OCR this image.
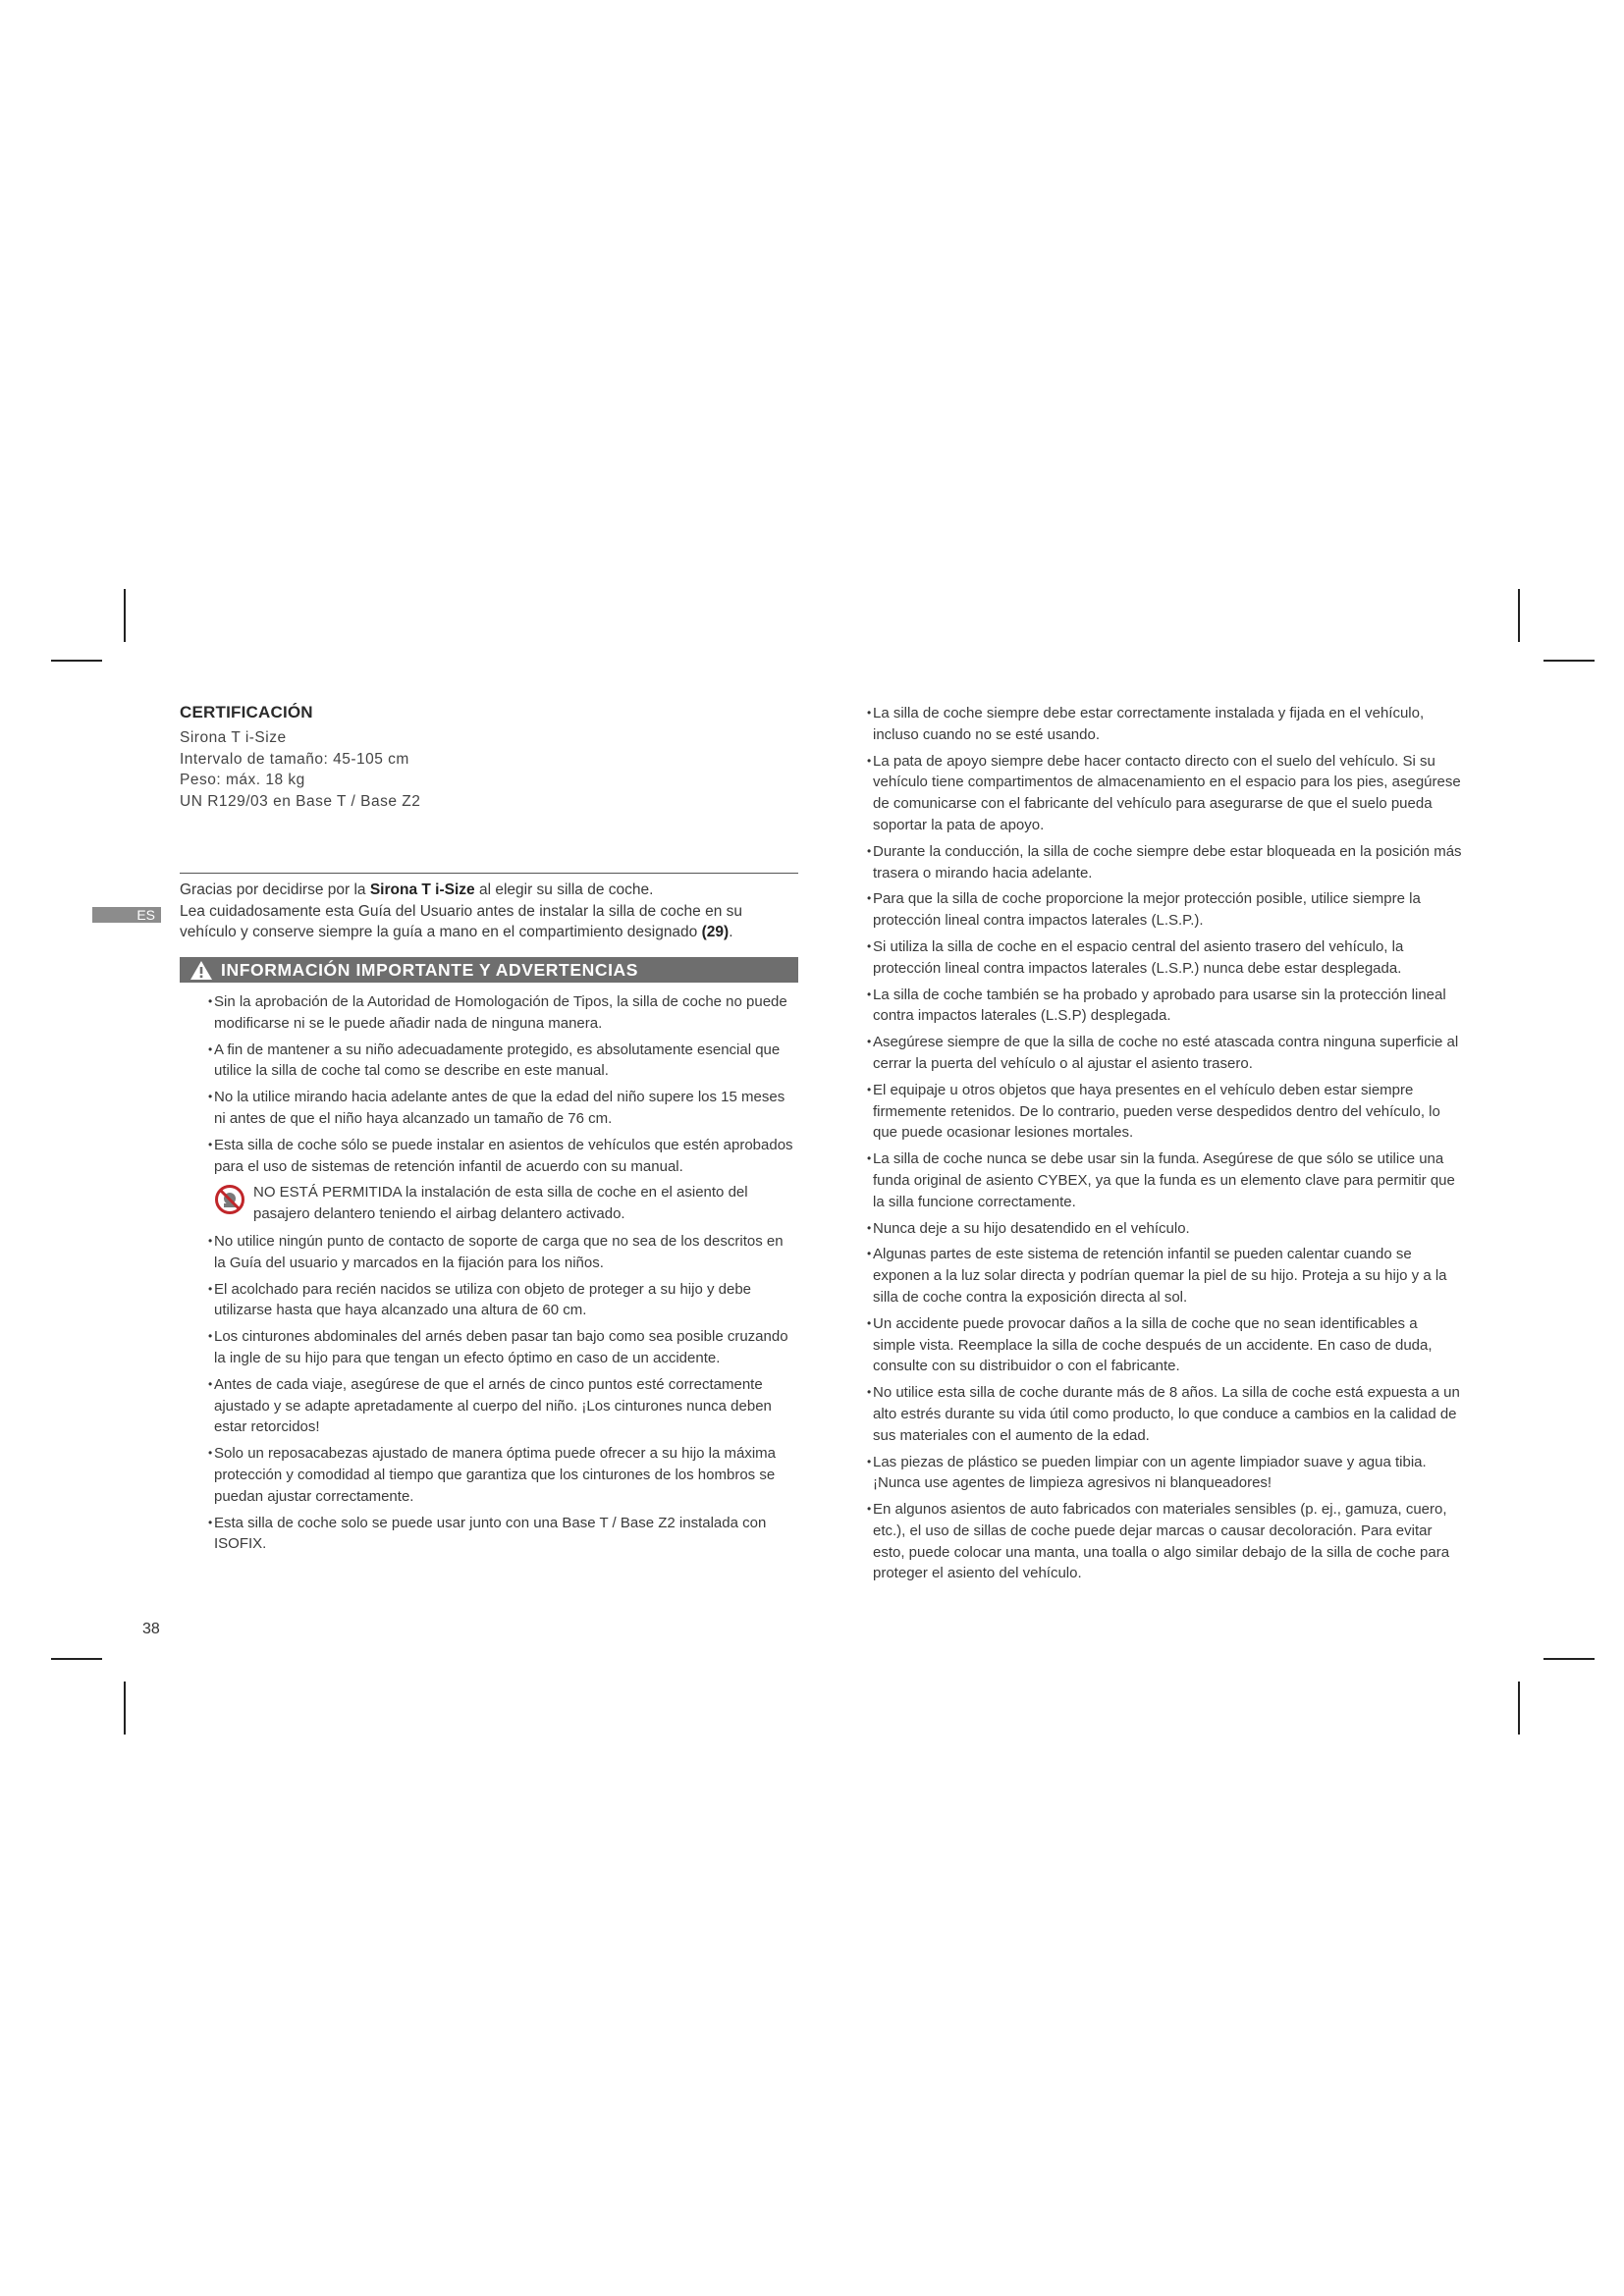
CERTIFICACIÓN
Sirona T i-Size
Intervalo de tamaño: 45-105 cm
Peso: máx. 18 kg
UN R129/03 en Base T / Base Z2
Gracias por decidirse por la Sirona T i-Size al elegir su silla de coche.
Lea cuidadosamente esta Guía del Usuario antes de instalar la silla de coche en su vehículo y conserve siempre la guía a mano en el compartimiento designado (29).
ES
INFORMACIÓN IMPORTANTE Y ADVERTENCIAS
• Sin la aprobación de la Autoridad de Homologación de Tipos, la silla de coche no puede modificarse ni se le puede añadir nada de ninguna manera.
• A fin de mantener a su niño adecuadamente protegido, es absolutamente esencial que utilice la silla de coche tal como se describe en este manual.
• No la utilice mirando hacia adelante antes de que la edad del niño supere los 15 meses ni antes de que el niño haya alcanzado un tamaño de 76 cm.
• Esta silla de coche sólo se puede instalar en asientos de vehículos que estén aprobados para el uso de sistemas de retención infantil de acuerdo con su manual.
NO ESTÁ PERMITIDA la instalación de esta silla de coche en el asiento del pasajero delantero teniendo el airbag delantero activado.
• No utilice ningún punto de contacto de soporte de carga que no sea de los descritos en la Guía del usuario y marcados en la fijación para los niños.
• El acolchado para recién nacidos se utiliza con objeto de proteger a su hijo y debe utilizarse hasta que haya alcanzado una altura de 60 cm.
• Los cinturones abdominales del arnés deben pasar tan bajo como sea posible cruzando la ingle de su hijo para que tengan un efecto óptimo en caso de un accidente.
• Antes de cada viaje, asegúrese de que el arnés de cinco puntos esté correctamente ajustado y se adapte apretadamente al cuerpo del niño. ¡Los cinturones nunca deben estar retorcidos!
• Solo un reposacabezas ajustado de manera óptima puede ofrecer a su hijo la máxima protección y comodidad al tiempo que garantiza que los cinturones de los hombros se puedan ajustar correctamente.
• Esta silla de coche solo se puede usar junto con una Base T / Base Z2 instalada con ISOFIX.
• La silla de coche siempre debe estar correctamente instalada y fijada en el vehículo, incluso cuando no se esté usando.
• La pata de apoyo siempre debe hacer contacto directo con el suelo del vehículo. Si su vehículo tiene compartimentos de almacenamiento en el espacio para los pies, asegúrese de comunicarse con el fabricante del vehículo para asegurarse de que el suelo pueda soportar la pata de apoyo.
• Durante la conducción, la silla de coche siempre debe estar bloqueada en la posición más trasera o mirando hacia adelante.
• Para que la silla de coche proporcione la mejor protección posible, utilice siempre la protección lineal contra impactos laterales (L.S.P.).
• Si utiliza la silla de coche en el espacio central del asiento trasero del vehículo, la protección lineal contra impactos laterales (L.S.P.) nunca debe estar desplegada.
• La silla de coche también se ha probado y aprobado para usarse sin la protección lineal contra impactos laterales (L.S.P) desplegada.
• Asegúrese siempre de que la silla de coche no esté atascada contra ninguna superficie al cerrar la puerta del vehículo o al ajustar el asiento trasero.
• El equipaje u otros objetos que haya presentes en el vehículo deben estar siempre firmemente retenidos. De lo contrario, pueden verse despedidos dentro del vehículo, lo que puede ocasionar lesiones mortales.
• La silla de coche nunca se debe usar sin la funda. Asegúrese de que sólo se utilice una funda original de asiento CYBEX, ya que la funda es un elemento clave para permitir que la silla funcione correctamente.
• Nunca deje a su hijo desatendido en el vehículo.
• Algunas partes de este sistema de retención infantil se pueden calentar cuando se exponen a la luz solar directa y podrían quemar la piel de su hijo. Proteja a su hijo y a la silla de coche contra la exposición directa al sol.
• Un accidente puede provocar daños a la silla de coche que no sean identificables a simple vista. Reemplace la silla de coche después de un accidente. En caso de duda, consulte con su distribuidor o con el fabricante.
• No utilice esta silla de coche durante más de 8 años. La silla de coche está expuesta a un alto estrés durante su vida útil como producto, lo que conduce a cambios en la calidad de sus materiales con el aumento de la edad.
• Las piezas de plástico se pueden limpiar con un agente limpiador suave y agua tibia. ¡Nunca use agentes de limpieza agresivos ni blanqueadores!
• En algunos asientos de auto fabricados con materiales sensibles (p. ej., gamuza, cuero, etc.), el uso de sillas de coche puede dejar marcas o causar decoloración. Para evitar esto, puede colocar una manta, una toalla o algo similar debajo de la silla de coche para proteger el asiento del vehículo.
38
